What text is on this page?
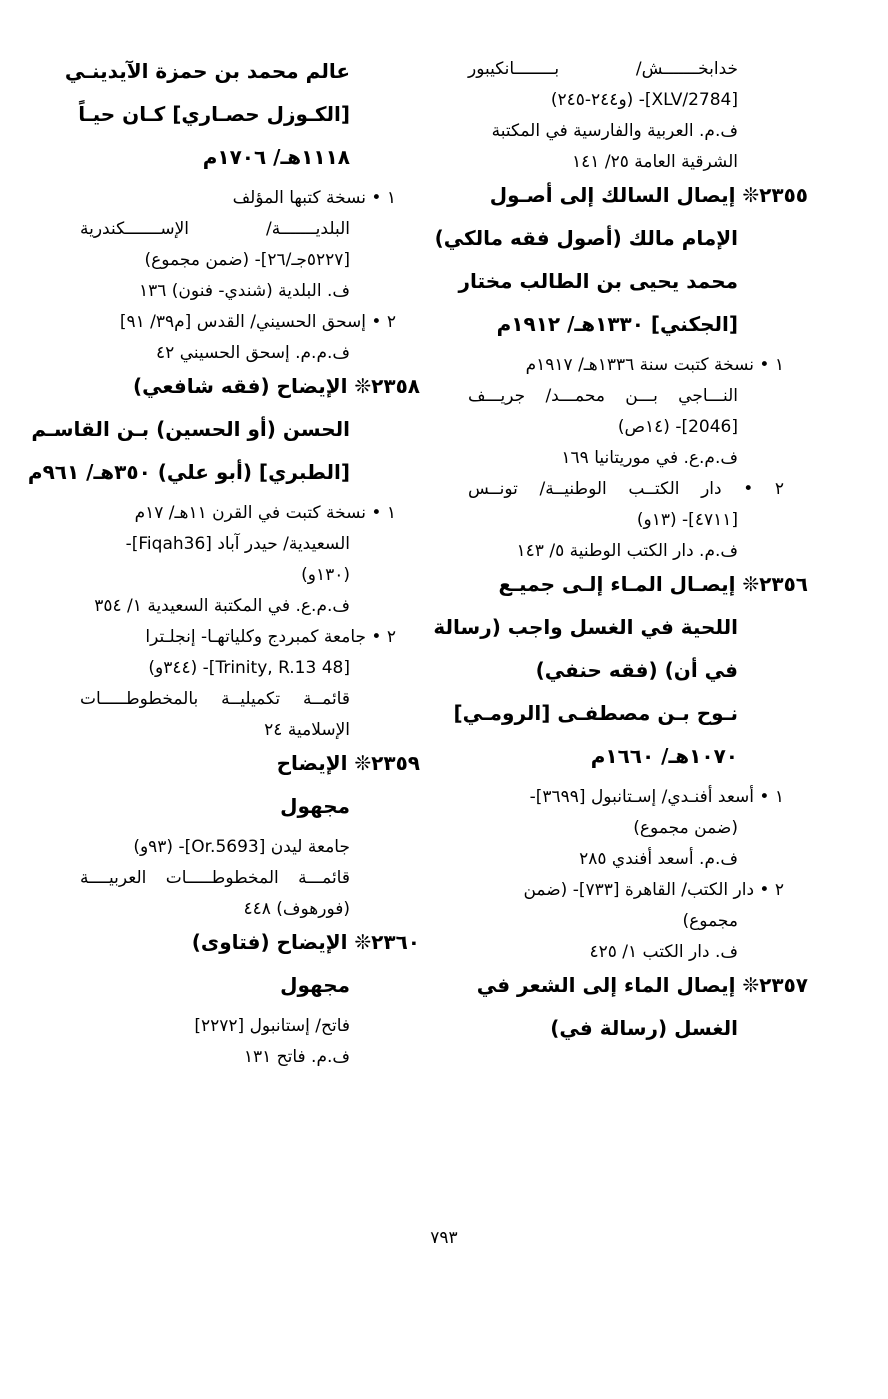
خدابخـــــــش/ بــــــــانكيبور
[2784/XLV]- (و٢٤٤-٢٤٥)
ف.م. العربية والفارسية في المكتبة
الشرقية العامة ٢٥/ ١٤١
٢٣٥٥❊ إيصال السالك إلى أصـول
الإمام مالك (أصول فقه مالكي)
محمد يحيى بن الطالب مختار
[الجكني] ١٣٣٠هـ/ ١٩١٢م
١ • نسخة كتبت سنة ١٣٣٦هـ/ ١٩١٧م
النـــاجي بـــن محمـــد/ جريـــف
[2046]- (١٤ص)
ف.م.ع. في موريتانيا ١٦٩
٢ • دار الكتــب الوطنيــة/ تونــس
[٤٧١١]- (١٣و)
ف.م. دار الكتب الوطنية ٥/ ١٤٣
٢٣٥٦❊ إيصـال المـاء إلـى جميـع
اللحية في الغسل واجب (رسالة
في أن) (فقه حنفي)
نـوح بـن مصطفـى [الرومـي]
١٠٧٠هـ/ ١٦٦٠م
١ • أسعد أفنـدي/ إسـتانبول [٣٦٩٩]-
(ضمن مجموع)
ف.م. أسعد أفندي ٢٨٥
٢ • دار الكتب/ القاهرة [٧٣٣]- (ضمن
مجموع)
ف. دار الكتب ١/ ٤٢٥
٢٣٥٧❊ إيصال الماء إلى الشعر في
الغسل (رسالة في)
عالم محمد بن حمزة الآيدينـي
[الكـوزل حصـاري] كـان حيـاً
١١١٨هـ/ ١٧٠٦م
١ • نسخة كتبها المؤلف
البلديـــــــة/ الإســـــــكندرية
[٥٢٢٧جـ/٢٦]- (ضمن مجموع)
ف. البلدية (شندي- فنون) ١٣٦
٢ • إسحق الحسيني/ القدس [م٣٩/ ٩١]
ف.م.م. إسحق الحسيني ٤٢
٢٣٥٨❊ الإيضاح (فقه شافعي)
الحسن (أو الحسين) بـن القاسـم
[الطبري] (أبو علي) ٣٥٠هـ/ ٩٦١م
١ • نسخة كتبت في القرن ١١هـ/ ١٧م
السعيدية/ حيدر آباد [Fiqah36]-
(١٣٠و)
ف.م.ع. في المكتبة السعيدية ١/ ٣٥٤
٢ • جامعة كمبردج وكلياتهـا- إنجلـترا
[Trinity, R.13 48]- (٣٤٤و)
قائمــة تكميليــة بالمخطوطـــــات
الإسلامية ٢٤
٢٣٥٩❊ الإيضاح
مجهول
جامعة ليدن [Or.5693]- (٩٣و)
قائمـــة المخطوطـــــات العربيــــة
(فورهوف) ٤٤٨
٢٣٦٠❊ الإيضاح (فتاوى)
مجهول
فاتح/ إستانبول [٢٢٧٢]
ف.م. فاتح ١٣١
٧٩٣
